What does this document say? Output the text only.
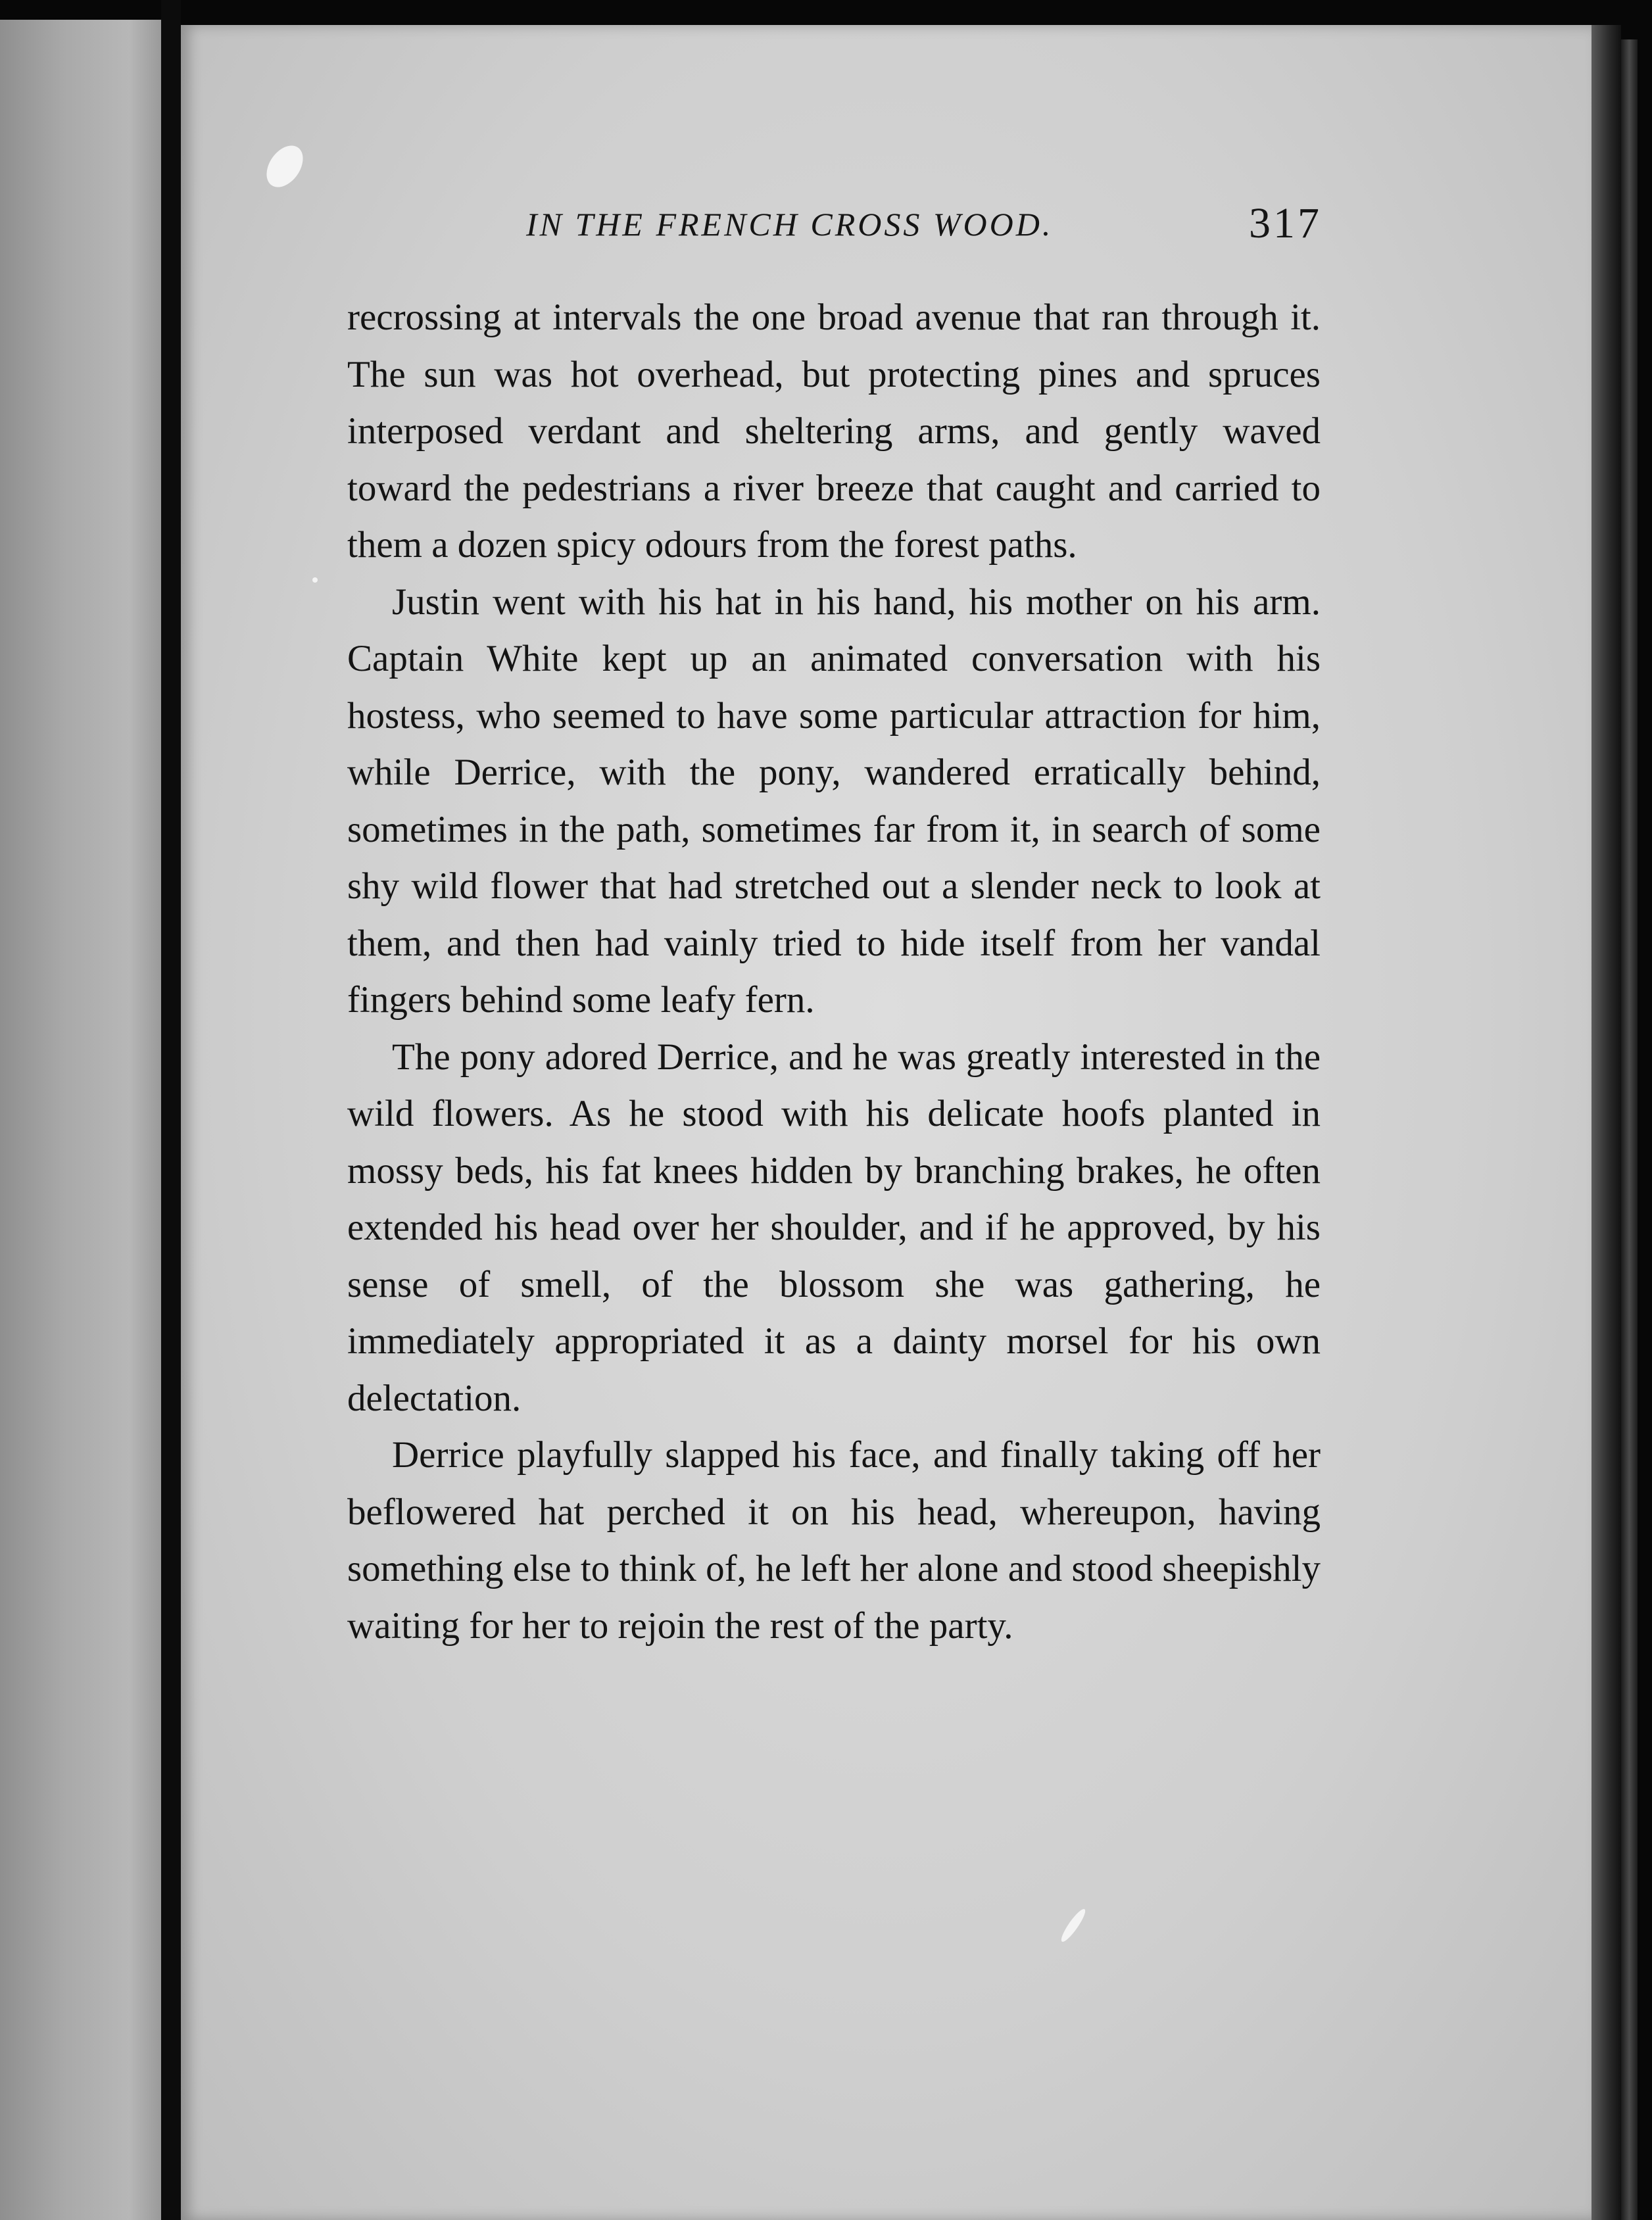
IN THE FRENCH CROSS WOOD.	317

recrossing at intervals the one broad avenue that ran through it. The sun was hot overhead, but protecting pines and spruces interposed verdant and sheltering arms, and gently waved toward the pedestrians a river breeze that caught and carried to them a dozen spicy odours from the forest paths.

Justin went with his hat in his hand, his mother on his arm. Captain White kept up an animated conversation with his hostess, who seemed to have some particular attraction for him, while Derrice, with the pony, wandered erratically behind, sometimes in the path, sometimes far from it, in search of some shy wild flower that had stretched out a slender neck to look at them, and then had vainly tried to hide itself from her vandal fingers behind some leafy fern.

The pony adored Derrice, and he was greatly interested in the wild flowers. As he stood with his delicate hoofs planted in mossy beds, his fat knees hidden by branching brakes, he often extended his head over her shoulder, and if he approved, by his sense of smell, of the blossom she was gathering, he immediately appropriated it as a dainty morsel for his own delectation.

Derrice playfully slapped his face, and finally taking off her beflowered hat perched it on his head, whereupon, having something else to think of, he left her alone and stood sheepishly waiting for her to rejoin the rest of the party.
